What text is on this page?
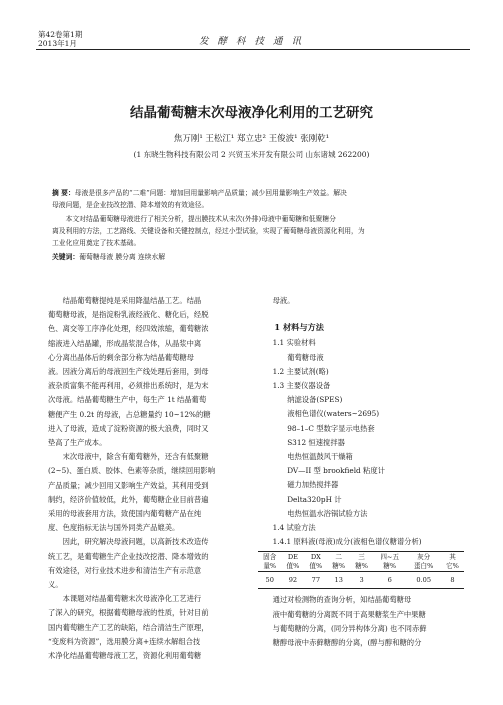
第42卷第1期
2013年1月	发 酵 科 技 通 讯
结晶葡萄糖末次母液净化利用的工艺研究
焦万刚¹ 王松江¹ 郑立忠² 王俊波¹ 张刚乾¹
(1 东晓生物科技有限公司 2 兴贸玉米开发有限公司 山东诸城 262200)
摘 要：母液是很多产品的“二难”问题：增加回用量影响产品质量；减少回用量影响生产效益。解决
母液问题，是企业技改挖潜、降本增效的有效途径。
本文对结晶葡萄糖母液进行了相关分析，提出膜技术从末次(外排)母液中葡萄糖和低聚糖分
离及利用的方法，工艺路线、关键设备和关键控制点，经过小型试验，实现了葡萄糖母液资源化利用，为
工业化应用奠定了技术基础。
关键词：葡萄糖母液 膜分离 连续水解

结晶葡萄糖提纯是采用降温结晶工艺。结晶

葡萄糖母液，是指淀粉乳液经液化、糖化后，经脱

色、离交等工序净化处理，经四效浓缩，葡萄糖浓

缩液进入结晶罐，形成晶浆混合体，从晶浆中离

心分离出晶体后的剩余部分称为结晶葡萄糖母

液。因液分离后的母液回生产线处理后套用，到母

液杂质富集不能再利用，必须排出系统时，是为末

次母液。结晶葡萄糖生产中，每生产 1t 结晶葡萄

糖便产生 0.2t 的母液，占总糖量约 10~12%的糖

进入了母液，造成了淀粉资源的极大浪费，同时又

垫高了生产成本。

末次母液中，除含有葡萄糖外，还含有低聚糖

(2~5)、蛋白质、胶体、色素等杂质，继续回用影响

产品质量；减少回用又影响生产效益，其利用受到

制约，经济价值较低，此外，葡萄糖企业目前普遍

采用的母液套用方法，致使国内葡萄糖产品在纯

度、色度指标无法与国外同类产品媲美。

因此，研究解决母液问题，以高新技术改造传

统工艺，是葡萄糖生产企业技改挖潜、降本增效的

有效途径，对行业技术进步和清洁生产有示范意

义。

本课题对结晶葡萄糖末次母液净化工艺进行

了深入的研究，根据葡萄糖母液的性质，针对目前

国内葡萄糖生产工艺的缺陷，结合清洁生产原理，

“变废料为资源”，选用膜分离+连续水解组合技

术净化结晶葡萄糖母液工艺，资源化利用葡萄糖

母液。

1 材料与方法

1.1 实验材料

葡萄糖母液

1.2 主要试剂(略)

1.3 主要仪器设备

纳滤设备(SPES)

液相色谱仪(waters~2695)

98–1–C 型数字显示电热套

S312 恒速搅拌器

电热恒温鼓风干燥箱

DV—II 型 brookfield 粘度计

磁力加热搅拌器

Delta320pH 计

电热恒温水浴锅试验方法

1.4 试验方法

1.4.1 原料液(母液)成分(液相色谱仪糖谱分析)

固含
量%	DE
值%	DX
值%	二
糖%	三
糖%	四~五
糖%	灰分
蛋白%	其
它%
50	92	77	13	3	6	0.05	8

通过对检测物的查询分析，知结晶葡萄糖母

液中葡萄糖的分离既不同于高果糖浆生产中果糖

与葡萄糖的分离，(同分异构体分离) 也不同赤藓

糖醇母液中赤藓糖醇的分离，(醇与醇和糖的分
